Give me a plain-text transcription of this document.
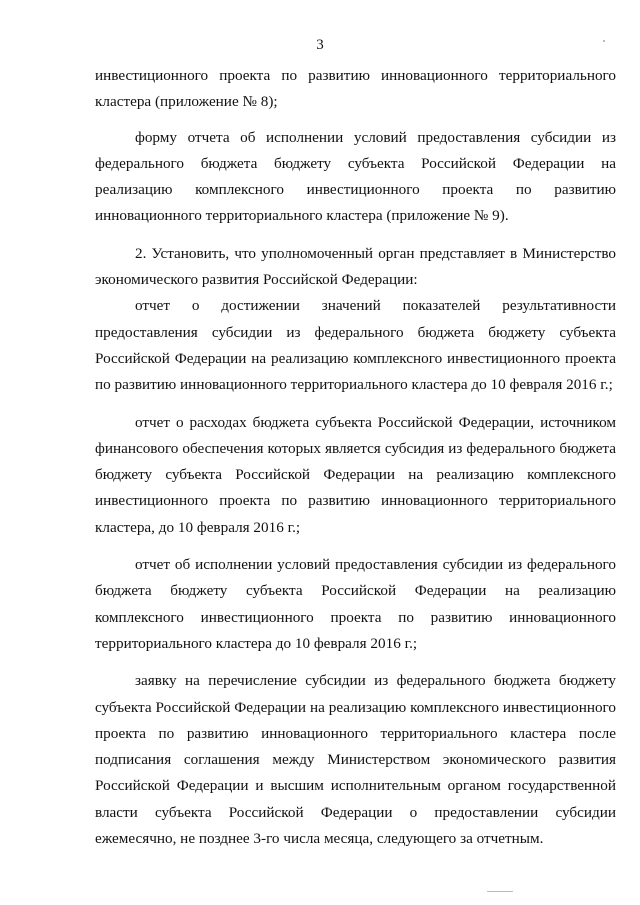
3

инвестиционного проекта по развитию инновационного территориального кластера (приложение № 8);

форму отчета об исполнении условий предоставления субсидии из федерального бюджета бюджету субъекта Российской Федерации на реализацию комплексного инвестиционного проекта по развитию инновационного территориального кластера (приложение № 9).

2. Установить, что уполномоченный орган представляет в Министерство экономического развития Российской Федерации:

отчет о достижении значений показателей результативности предоставления субсидии из федерального бюджета бюджету субъекта Российской Федерации на реализацию комплексного инвестиционного проекта по развитию инновационного территориального кластера до 10 февраля 2016 г.;

отчет о расходах бюджета субъекта Российской Федерации, источником финансового обеспечения которых является субсидия из федерального бюджета бюджету субъекта Российской Федерации на реализацию комплексного инвестиционного проекта по развитию инновационного территориального кластера, до 10 февраля 2016 г.;

отчет об исполнении условий предоставления субсидии из федерального бюджета бюджету субъекта Российской Федерации на реализацию комплексного инвестиционного проекта по развитию инновационного территориального кластера до 10 февраля 2016 г.;

заявку на перечисление субсидии из федерального бюджета бюджету субъекта Российской Федерации на реализацию комплексного инвестиционного проекта по развитию инновационного территориального кластера после подписания соглашения между Министерством экономического развития Российской Федерации и высшим исполнительным органом государственной власти субъекта Российской Федерации о предоставлении субсидии ежемесячно, не позднее 3-го числа месяца, следующего за отчетным.
